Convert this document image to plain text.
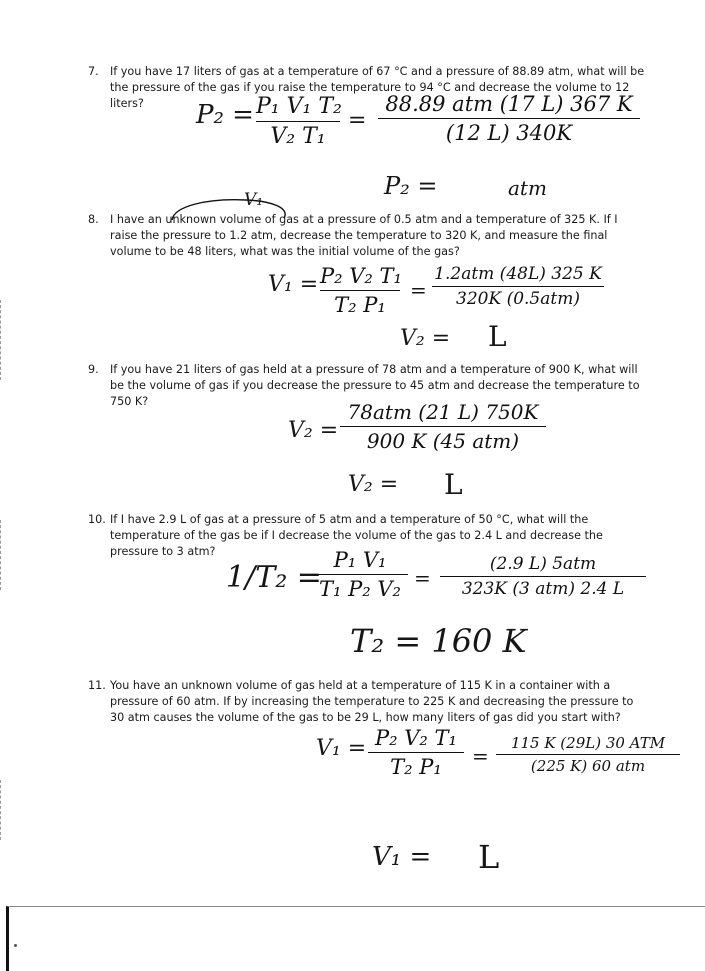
7. If you have 17 liters of gas at a temperature of 67 °C and a pressure of 88.89 atm, what will be the pressure of the gas if you raise the temperature to 94 °C and decrease the volume to 12 liters?	P₂ = P₁ V₁ T₂
V₂ T₁
=
88.89 atm (17 L) 367 K
(12 L) 340K
P₂ =	atm
V₁
8. I have an unknown volume of gas at a pressure of 0.5 atm and a temperature of 325 K. If I raise the pressure to 1.2 atm, decrease the temperature to 320 K, and measure the final volume to be 48 liters, what was the initial volume of the gas?
V₁ = P₂ V₂ T₁
T₂ P₁
=
1.2atm (48L) 325 K
320K (0.5atm)
V₂ = L
9. If you have 21 liters of gas held at a pressure of 78 atm and a temperature of 900 K, what will be the volume of gas if you decrease the pressure to 45 atm and decrease the temperature to 750 K?
V₂ =
78atm (21 L) 750K
900 K (45 atm)
V₂ = L
10. If I have 2.9 L of gas at a pressure of 5 atm and a temperature of 50 °C, what will the temperature of the gas be if I decrease the volume of the gas to 2.4 L and decrease the pressure to 3 atm?
1/T₂ = P₁ V₁
T₁ P₂ V₂ =
(2.9 L) 5atm
323K (3 atm) 2.4 L
T₂ = 160 K
11. You have an unknown volume of gas held at a temperature of 115 K in a container with a pressure of 60 atm. If by increasing the temperature to 225 K and decreasing the pressure to 30 atm causes the volume of the gas to be 29 L, how many liters of gas did you start with?
V₁ = P₂ V₂ T₁
T₂ P₁	=
115 K (29L) 30 ATM
(225 K) 60 atm
V₁ = L
